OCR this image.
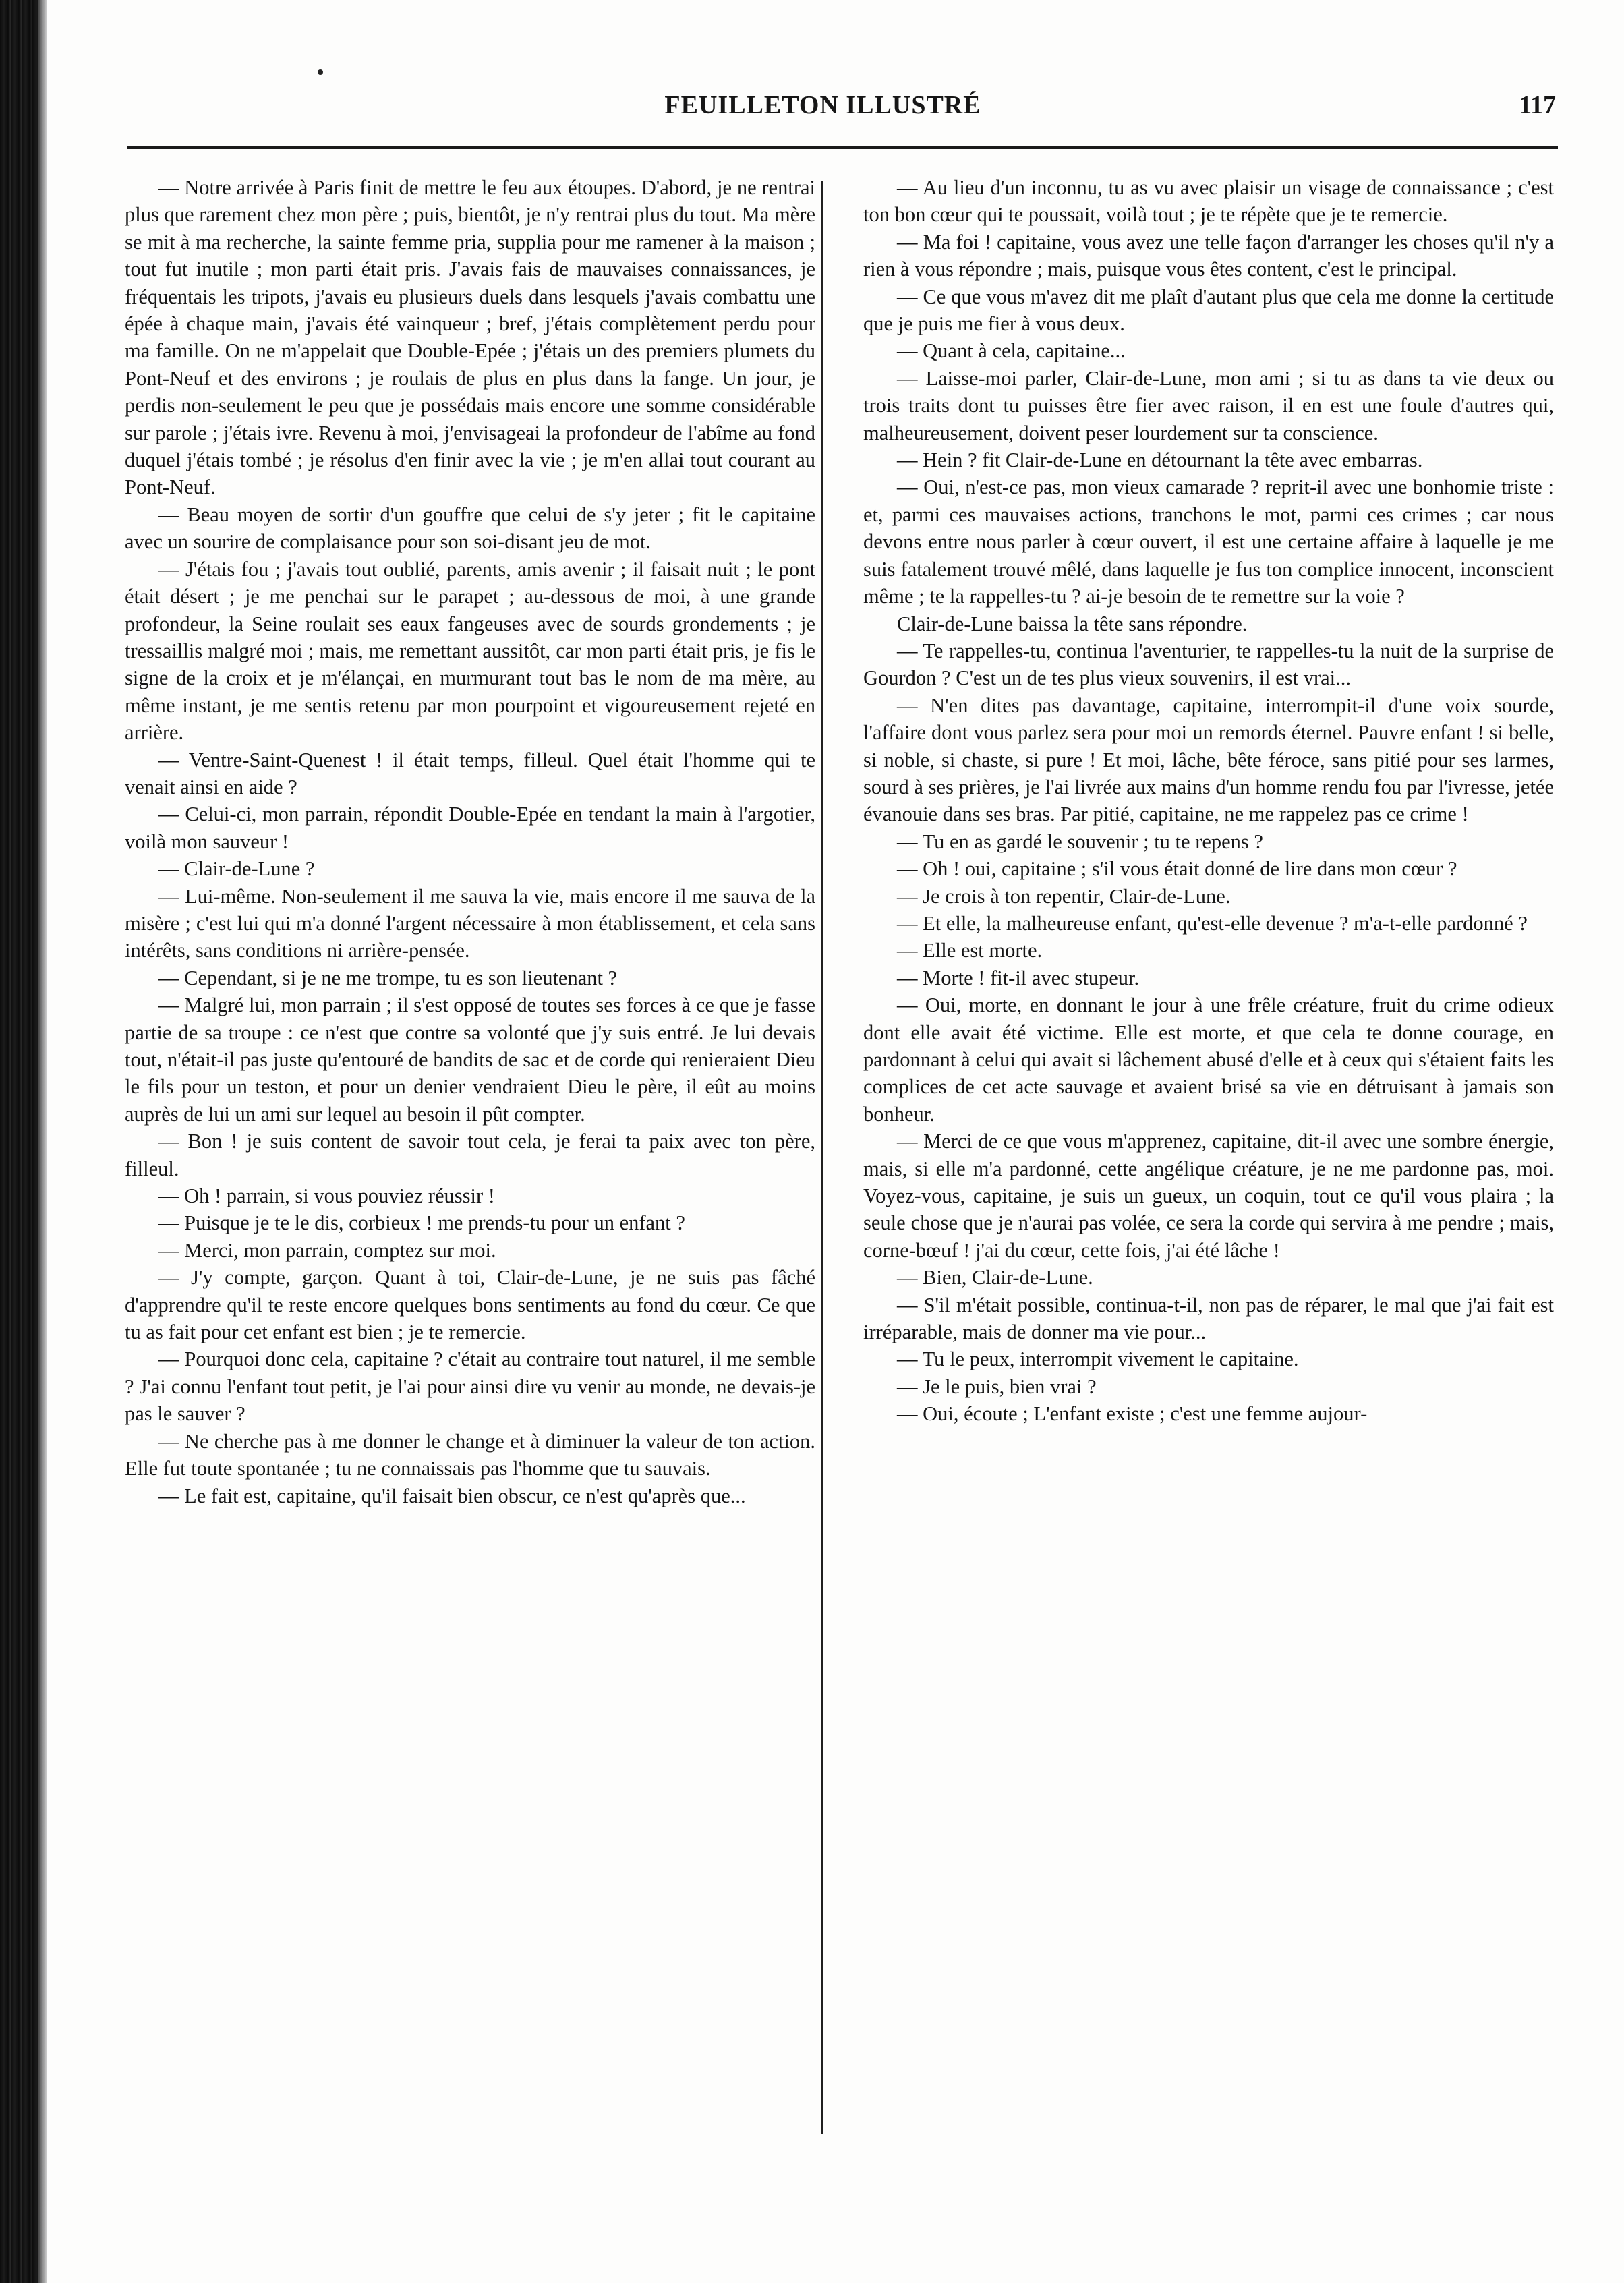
FEUILLETON ILLUSTRÉ	117

— Notre arrivée à Paris finit de mettre le feu aux étoupes. D'abord, je ne rentrai plus que rarement chez mon père ; puis, bientôt, je n'y rentrai plus du tout. Ma mère se mit à ma recherche, la sainte femme pria, supplia pour me ramener à la maison ; tout fut inutile ; mon parti était pris. J'avais fais de mauvaises connaissances, je fréquentais les tripots, j'avais eu plusieurs duels dans lesquels j'avais combattu une épée à chaque main, j'avais été vainqueur ; bref, j'étais complètement perdu pour ma famille. On ne m'appelait que Double-Epée ; j'étais un des premiers plumets du Pont-Neuf et des environs ; je roulais de plus en plus dans la fange. Un jour, je perdis non-seulement le peu que je possédais mais encore une somme considérable sur parole ; j'étais ivre. Revenu à moi, j'envisageai la profondeur de l'abîme au fond duquel j'étais tombé ; je résolus d'en finir avec la vie ; je m'en allai tout courant au Pont-Neuf.

— Beau moyen de sortir d'un gouffre que celui de s'y jeter ; fit le capitaine avec un sourire de complaisance pour son soi-disant jeu de mot.

— J'étais fou ; j'avais tout oublié, parents, amis avenir ; il faisait nuit ; le pont était désert ; je me penchai sur le parapet ; au-dessous de moi, à une grande profondeur, la Seine roulait ses eaux fangeuses avec de sourds grondements ; je tressaillis malgré moi ; mais, me remettant aussitôt, car mon parti était pris, je fis le signe de la croix et je m'élançai, en murmurant tout bas le nom de ma mère, au même instant, je me sentis retenu par mon pourpoint et vigoureusement rejeté en arrière.

— Ventre-Saint-Quenest ! il était temps, filleul. Quel était l'homme qui te venait ainsi en aide ?

— Celui-ci, mon parrain, répondit Double-Epée en tendant la main à l'argotier, voilà mon sauveur !

— Clair-de-Lune ?

— Lui-même. Non-seulement il me sauva la vie, mais encore il me sauva de la misère ; c'est lui qui m'a donné l'argent nécessaire à mon établissement, et cela sans intérêts, sans conditions ni arrière-pensée.

— Cependant, si je ne me trompe, tu es son lieutenant ?

— Malgré lui, mon parrain ; il s'est opposé de toutes ses forces à ce que je fasse partie de sa troupe : ce n'est que contre sa volonté que j'y suis entré. Je lui devais tout, n'était-il pas juste qu'entouré de bandits de sac et de corde qui renieraient Dieu le fils pour un teston, et pour un denier vendraient Dieu le père, il eût au moins auprès de lui un ami sur lequel au besoin il pût compter.

— Bon ! je suis content de savoir tout cela, je ferai ta paix avec ton père, filleul.

— Oh ! parrain, si vous pouviez réussir !

— Puisque je te le dis, corbieux ! me prends-tu pour un enfant ?

— Merci, mon parrain, comptez sur moi.

— J'y compte, garçon. Quant à toi, Clair-de-Lune, je ne suis pas fâché d'apprendre qu'il te reste encore quelques bons sentiments au fond du cœur. Ce que tu as fait pour cet enfant est bien ; je te remercie.

— Pourquoi donc cela, capitaine ? c'était au contraire tout naturel, il me semble ? J'ai connu l'enfant tout petit, je l'ai pour ainsi dire vu venir au monde, ne devais-je pas le sauver ?

— Ne cherche pas à me donner le change et à diminuer la valeur de ton action. Elle fut toute spontanée ; tu ne connaissais pas l'homme que tu sauvais.

— Le fait est, capitaine, qu'il faisait bien obscur, ce n'est qu'après que...

— Au lieu d'un inconnu, tu as vu avec plaisir un visage de connaissance ; c'est ton bon cœur qui te poussait, voilà tout ; je te répète que je te remercie.

— Ma foi ! capitaine, vous avez une telle façon d'arranger les choses qu'il n'y a rien à vous répondre ; mais, puisque vous êtes content, c'est le principal.

— Ce que vous m'avez dit me plaît d'autant plus que cela me donne la certitude que je puis me fier à vous deux.

— Quant à cela, capitaine...

— Laisse-moi parler, Clair-de-Lune, mon ami ; si tu as dans ta vie deux ou trois traits dont tu puisses être fier avec raison, il en est une foule d'autres qui, malheureusement, doivent peser lourdement sur ta conscience.

— Hein ? fit Clair-de-Lune en détournant la tête avec embarras.

— Oui, n'est-ce pas, mon vieux camarade ? reprit-il avec une bonhomie triste : et, parmi ces mauvaises actions, tranchons le mot, parmi ces crimes ; car nous devons entre nous parler à cœur ouvert, il est une certaine affaire à laquelle je me suis fatalement trouvé mêlé, dans laquelle je fus ton complice innocent, inconscient même ; te la rappelles-tu ? ai-je besoin de te remettre sur la voie ?

Clair-de-Lune baissa la tête sans répondre.

— Te rappelles-tu, continua l'aventurier, te rappelles-tu la nuit de la surprise de Gourdon ? C'est un de tes plus vieux souvenirs, il est vrai...

— N'en dites pas davantage, capitaine, interrompit-il d'une voix sourde, l'affaire dont vous parlez sera pour moi un remords éternel. Pauvre enfant ! si belle, si noble, si chaste, si pure ! Et moi, lâche, bête féroce, sans pitié pour ses larmes, sourd à ses prières, je l'ai livrée aux mains d'un homme rendu fou par l'ivresse, jetée évanouie dans ses bras. Par pitié, capitaine, ne me rappelez pas ce crime !

— Tu en as gardé le souvenir ; tu te repens ?

— Oh ! oui, capitaine ; s'il vous était donné de lire dans mon cœur ?

— Je crois à ton repentir, Clair-de-Lune.

— Et elle, la malheureuse enfant, qu'est-elle devenue ? m'a-t-elle pardonné ?

— Elle est morte.

— Morte ! fit-il avec stupeur.

— Oui, morte, en donnant le jour à une frêle créature, fruit du crime odieux dont elle avait été victime. Elle est morte, et que cela te donne courage, en pardonnant à celui qui avait si lâchement abusé d'elle et à ceux qui s'étaient faits les complices de cet acte sauvage et avaient brisé sa vie en détruisant à jamais son bonheur.

— Merci de ce que vous m'apprenez, capitaine, dit-il avec une sombre énergie, mais, si elle m'a pardonné, cette angélique créature, je ne me pardonne pas, moi. Voyez-vous, capitaine, je suis un gueux, un coquin, tout ce qu'il vous plaira ; la seule chose que je n'aurai pas volée, ce sera la corde qui servira à me pendre ; mais, corne-bœuf ! j'ai du cœur, cette fois, j'ai été lâche !

— Bien, Clair-de-Lune.

— S'il m'était possible, continua-t-il, non pas de réparer, le mal que j'ai fait est irréparable, mais de donner ma vie pour...

— Tu le peux, interrompit vivement le capitaine.

— Je le puis, bien vrai ?

— Oui, écoute ; L'enfant existe ; c'est une femme aujour-
